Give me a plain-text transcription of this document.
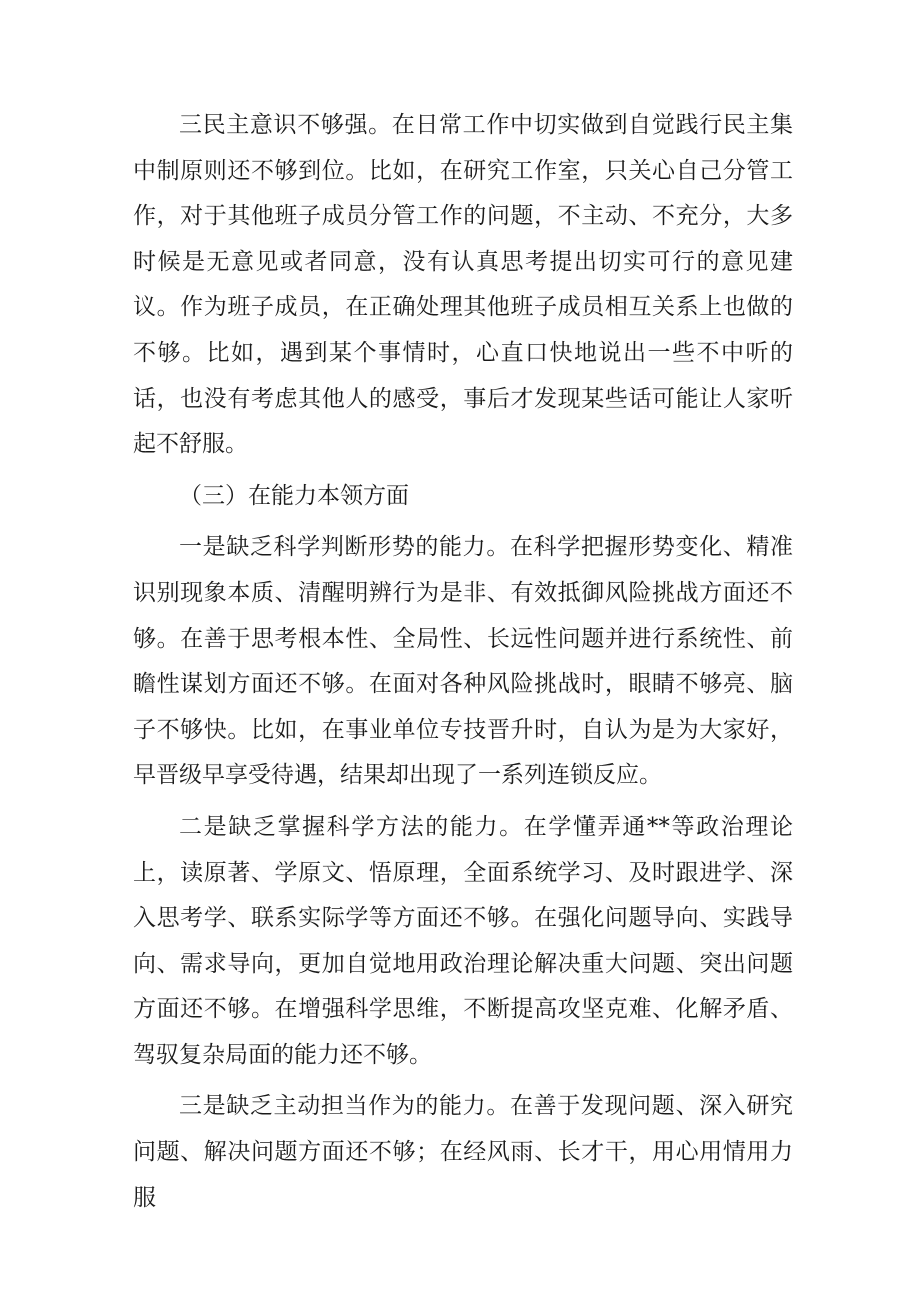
三民主意识不够强。在日常工作中切实做到自觉践行民主集中制原则还不够到位。比如，在研究工作室，只关心自己分管工作，对于其他班子成员分管工作的问题，不主动、不充分，大多时候是无意见或者同意，没有认真思考提出切实可行的意见建议。作为班子成员，在正确处理其他班子成员相互关系上也做的不够。比如，遇到某个事情时，心直口快地说出一些不中听的话，也没有考虑其他人的感受，事后才发现某些话可能让人家听起不舒服。

（三）在能力本领方面

一是缺乏科学判断形势的能力。在科学把握形势变化、精准识别现象本质、清醒明辨行为是非、有效抵御风险挑战方面还不够。在善于思考根本性、全局性、长远性问题并进行系统性、前瞻性谋划方面还不够。在面对各种风险挑战时，眼睛不够亮、脑子不够快。比如，在事业单位专技晋升时，自认为是为大家好，早晋级早享受待遇，结果却出现了一系列连锁反应。

二是缺乏掌握科学方法的能力。在学懂弄通**等政治理论上，读原著、学原文、悟原理，全面系统学习、及时跟进学、深入思考学、联系实际学等方面还不够。在强化问题导向、实践导向、需求导向，更加自觉地用政治理论解决重大问题、突出问题方面还不够。在增强科学思维，不断提高攻坚克难、化解矛盾、驾驭复杂局面的能力还不够。

三是缺乏主动担当作为的能力。在善于发现问题、深入研究问题、解决问题方面还不够；在经风雨、长才干，用心用情用力服
